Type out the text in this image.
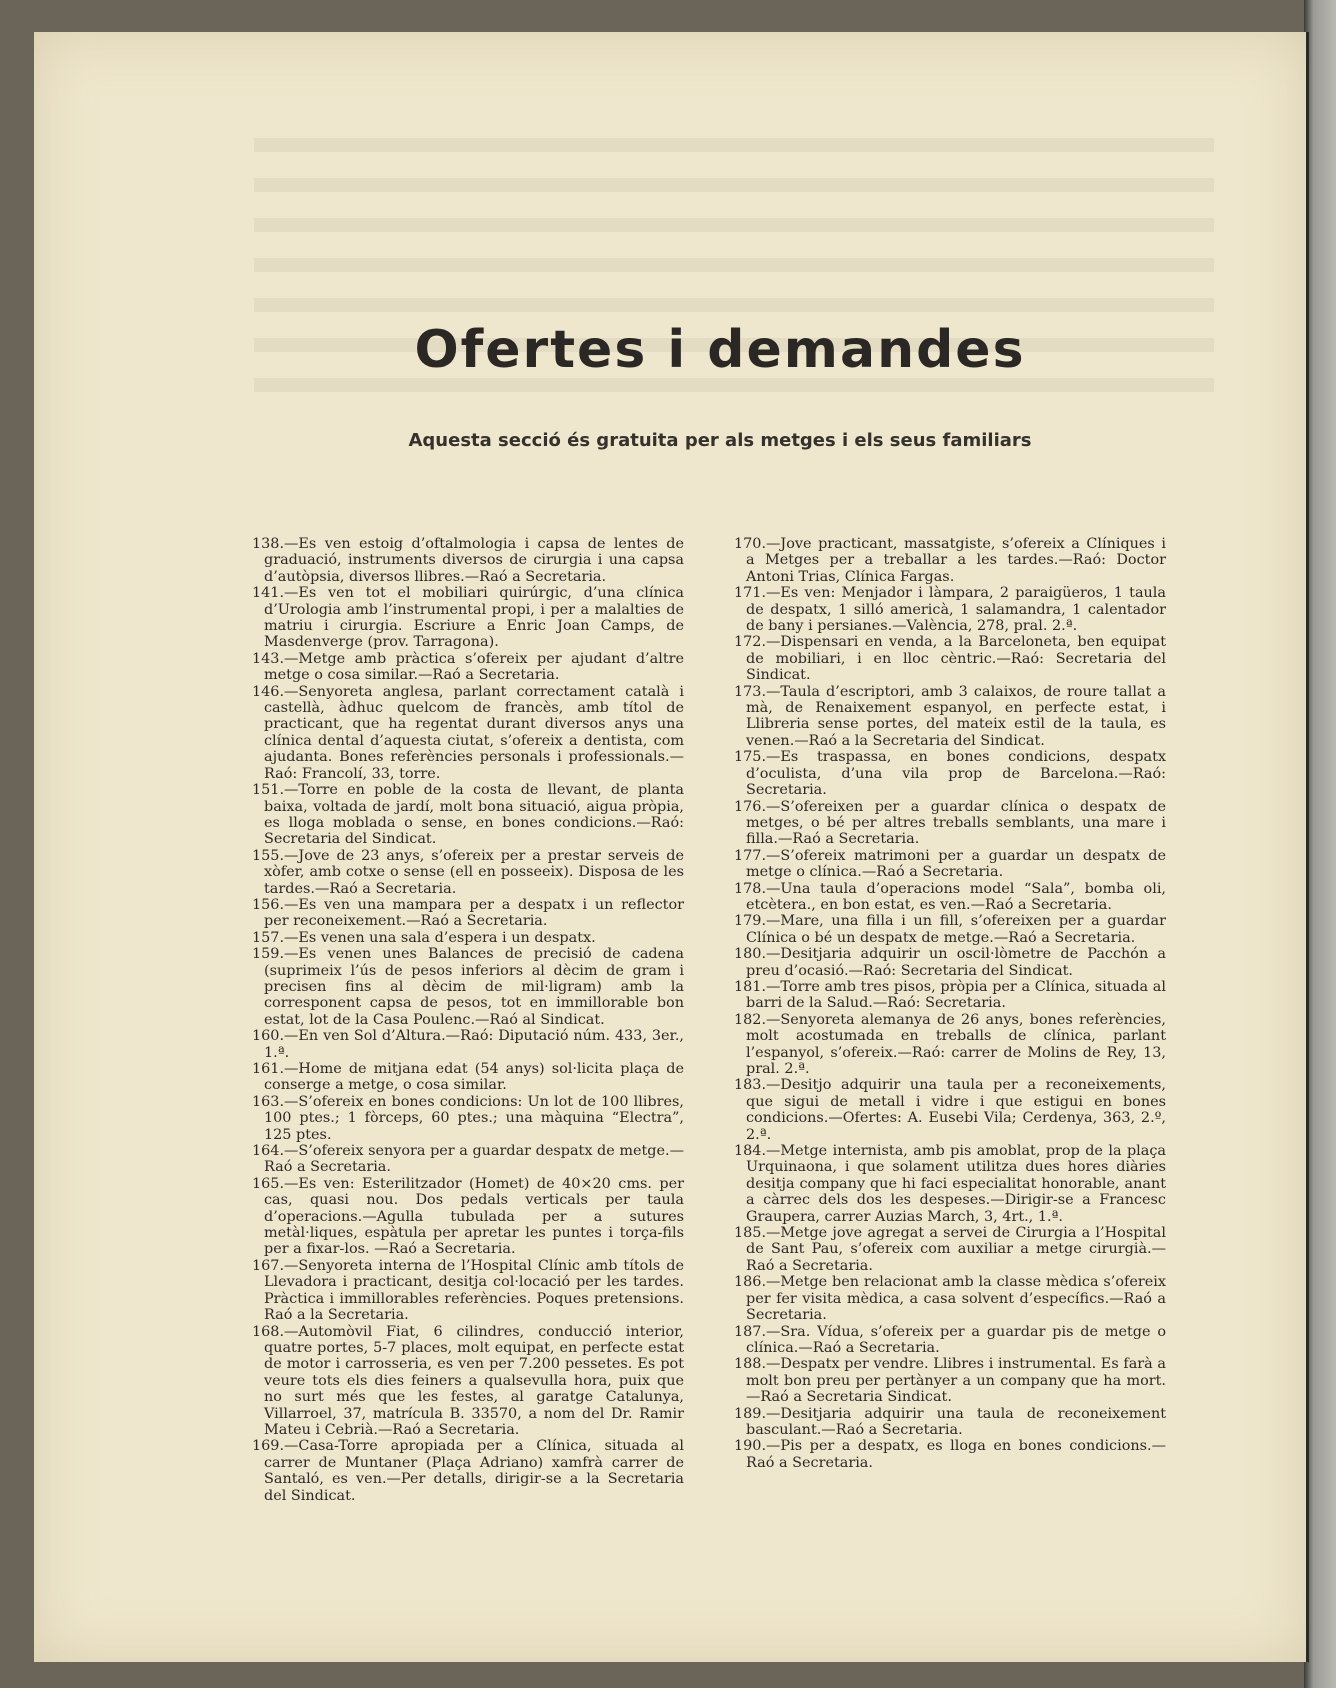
Ofertes i demandes
Aquesta secció és gratuita per als metges i els seus familiars

138.—Es ven estoig d’oftalmologia i capsa de lentes de graduació, instruments diversos de cirurgia i una capsa d’autòpsia, diversos llibres.—Raó a Secretaria.

141.—Es ven tot el mobiliari quirúrgic, d’una clínica d’Urologia amb l’instrumental propi, i per a malalties de matriu i cirurgia. Escriure a Enric Joan Camps, de Masdenverge (prov. Tarragona).

143.—Metge amb pràctica s’ofereix per ajudant d’altre metge o cosa similar.—Raó a Secretaria.

146.—Senyoreta anglesa, parlant correctament català i castellà, àdhuc quelcom de francès, amb títol de practicant, que ha regentat durant diversos anys una clínica dental d’aquesta ciutat, s’ofereix a dentista, com ajudanta. Bones referències personals i professionals.—Raó: Francolí, 33, torre.

151.—Torre en poble de la costa de llevant, de planta baixa, voltada de jardí, molt bona situació, aigua pròpia, es lloga moblada o sense, en bones condicions.—Raó: Secretaria del Sindicat.

155.—Jove de 23 anys, s’ofereix per a prestar serveis de xòfer, amb cotxe o sense (ell en posseeix). Disposa de les tardes.—Raó a Secretaria.

156.—Es ven una mampara per a despatx i un reflector per reconeixement.—Raó a Secretaria.

157.—Es venen una sala d’espera i un despatx.

159.—Es venen unes Balances de precisió de cadena (suprimeix l’ús de pesos inferiors al dècim de gram i precisen fins al dècim de mil·ligram) amb la corresponent capsa de pesos, tot en immillorable bon estat, lot de la Casa Poulenc.—Raó al Sindicat.

160.—En ven Sol d’Altura.—Raó: Diputació núm. 433, 3er., 1.ª.

161.—Home de mitjana edat (54 anys) sol·licita plaça de conserge a metge, o cosa similar.

163.—S’ofereix en bones condicions: Un lot de 100 llibres, 100 ptes.; 1 fòrceps, 60 ptes.; una màquina “Electra”, 125 ptes.

164.—S’ofereix senyora per a guardar despatx de metge.—Raó a Secretaria.

165.—Es ven: Esterilitzador (Homet) de 40×20 cms. per cas, quasi nou. Dos pedals verticals per taula d’operacions.—Agulla tubulada per a sutures metàl·liques, espàtula per apretar les puntes i torça-fils per a fixar-los. —Raó a Secretaria.

167.—Senyoreta interna de l’Hospital Clínic amb títols de Llevadora i practicant, desitja col·locació per les tardes. Pràctica i immillorables referències. Poques pretensions. Raó a la Secretaria.

168.—Automòvil Fiat, 6 cilindres, conducció interior, quatre portes, 5-7 places, molt equipat, en perfecte estat de motor i carrosseria, es ven per 7.200 pessetes. Es pot veure tots els dies feiners a qualsevulla hora, puix que no surt més que les festes, al garatge Catalunya, Villarroel, 37, matrícula B. 33570, a nom del Dr. Ramir Mateu i Cebrià.—Raó a Secretaria.

169.—Casa-Torre apropiada per a Clínica, situada al carrer de Muntaner (Plaça Adriano) xamfrà carrer de Santaló, es ven.—Per detalls, dirigir-se a la Secretaria del Sindicat.

170.—Jove practicant, massatgiste, s’ofereix a Clíniques i a Metges per a treballar a les tardes.—Raó: Doctor Antoni Trias, Clínica Fargas.

171.—Es ven: Menjador i làmpara, 2 paraigüeros, 1 taula de despatx, 1 silló americà, 1 salamandra, 1 calentador de bany i persianes.—València, 278, pral. 2.ª.

172.—Dispensari en venda, a la Barceloneta, ben equipat de mobiliari, i en lloc cèntric.—Raó: Secretaria del Sindicat.

173.—Taula d’escriptori, amb 3 calaixos, de roure tallat a mà, de Renaixement espanyol, en perfecte estat, i Llibreria sense portes, del mateix estil de la taula, es venen.—Raó a la Secretaria del Sindicat.

175.—Es traspassa, en bones condicions, despatx d’oculista, d’una vila prop de Barcelona.—Raó: Secretaria.

176.—S’ofereixen per a guardar clínica o despatx de metges, o bé per altres treballs semblants, una mare i filla.—Raó a Secretaria.

177.—S’ofereix matrimoni per a guardar un despatx de metge o clínica.—Raó a Secretaria.

178.—Una taula d’operacions model “Sala”, bomba oli, etcètera., en bon estat, es ven.—Raó a Secretaria.

179.—Mare, una filla i un fill, s’ofereixen per a guardar Clínica o bé un despatx de metge.—Raó a Secretaria.

180.—Desitjaria adquirir un oscil·lòmetre de Pacchón a preu d’ocasió.—Raó: Secretaria del Sindicat.

181.—Torre amb tres pisos, pròpia per a Clínica, situada al barri de la Salud.—Raó: Secretaria.

182.—Senyoreta alemanya de 26 anys, bones referències, molt acostumada en treballs de clínica, parlant l’espanyol, s’ofereix.—Raó: carrer de Molins de Rey, 13, pral. 2.ª.

183.—Desitjo adquirir una taula per a reconeixements, que sigui de metall i vidre i que estigui en bones condicions.—Ofertes: A. Eusebi Vila; Cerdenya, 363, 2.º, 2.ª.

184.—Metge internista, amb pis amoblat, prop de la plaça Urquinaona, i que solament utilitza dues hores diàries desitja company que hi faci especialitat honorable, anant a càrrec dels dos les despeses.—Dirigir-se a Francesc Graupera, carrer Auzias March, 3, 4rt., 1.ª.

185.—Metge jove agregat a servei de Cirurgia a l’Hospital de Sant Pau, s’ofereix com auxiliar a metge cirurgià.—Raó a Secretaria.

186.—Metge ben relacionat amb la classe mèdica s’ofereix per fer visita mèdica, a casa solvent d’específics.—Raó a Secretaria.

187.—Sra. Vídua, s’ofereix per a guardar pis de metge o clínica.—Raó a Secretaria.

188.—Despatx per vendre. Llibres i instrumental. Es farà a molt bon preu per pertànyer a un company que ha mort.—Raó a Secretaria Sindicat.

189.—Desitjaria adquirir una taula de reconeixement basculant.—Raó a Secretaria.

190.—Pis per a despatx, es lloga en bones condicions.—Raó a Secretaria.
